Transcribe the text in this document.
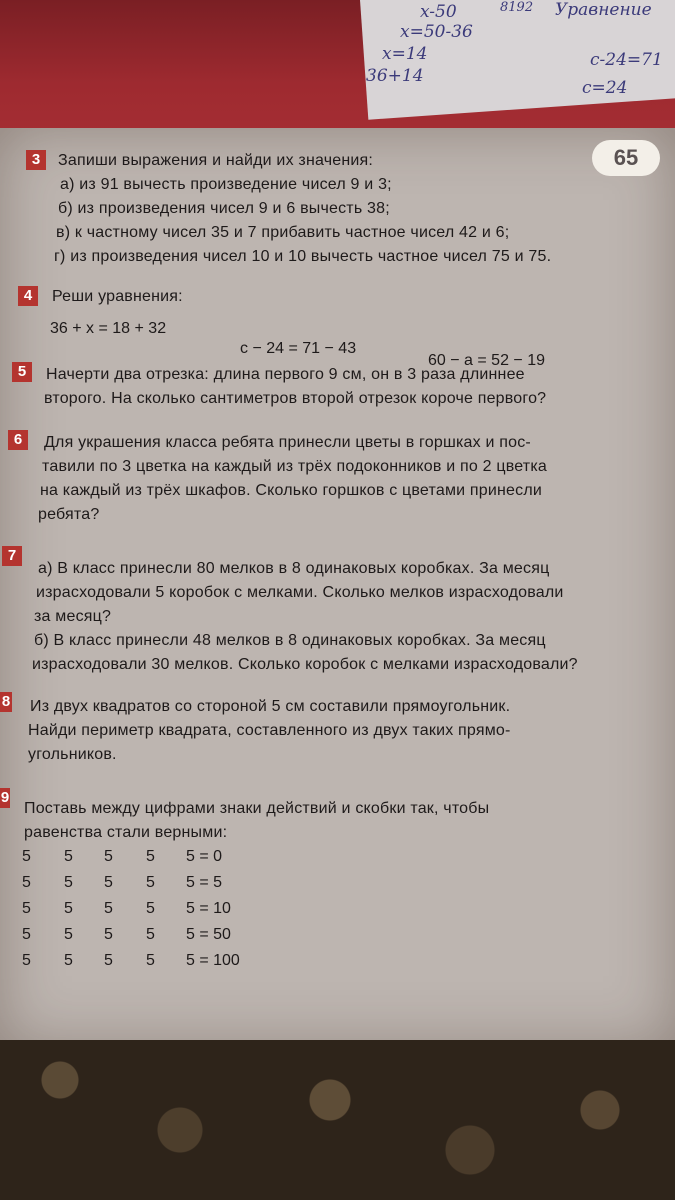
x-50
x=50-36
x=14
36+14
Уравнение
c-24=71
c=24
8192
65
3	Запиши выражения и найди их значения:
а) из 91 вычесть произведение чисел 9 и 3;
б) из произведения чисел 9 и 6 вычесть 38;
в) к частному чисел 35 и 7 прибавить частное чисел 42 и 6;
г) из произведения чисел 10 и 10 вычесть частное чисел 75 и 75.
4	Реши уравнения:
36 + x = 18 + 32
c − 24 = 71 − 43
60 − a = 52 − 19
5	Начерти два отрезка: длина первого 9 см, он в 3 раза длиннее
второго. На сколько сантиметров второй отрезок короче первого?
6	Для украшения класса ребята принесли цветы в горшках и пос-
тавили по 3 цветка на каждый из трёх подоконников и по 2 цветка
на каждый из трёх шкафов. Сколько горшков с цветами принесли
ребята?
7
а) В класс принесли 80 мелков в 8 одинаковых коробках. За месяц
израсходовали 5 коробок с мелками. Сколько мелков израсходовали
за месяц?
б) В класс принесли 48 мелков в 8 одинаковых коробках. За месяц
израсходовали 30 мелков. Сколько коробок с мелками израсходовали?
8 Из двух квадратов со стороной 5 см составили прямоугольник.
Найди периметр квадрата, составленного из двух таких прямо-
угольников.
9
Поставь между цифрами знаки действий и скобки так, чтобы
равенства стали верными:
5 5 5 5 5 = 0
5 5 5 5 5 = 5
5 5 5 5 5 = 10
5 5 5 5 5 = 50
5 5 5 5 5 = 100
